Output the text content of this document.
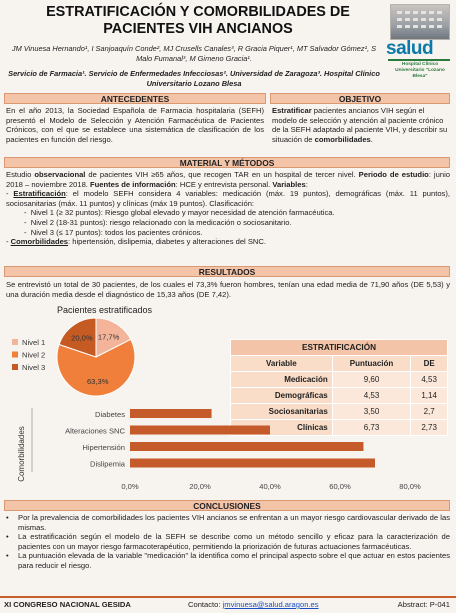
ESTRATIFICACIÓN Y COMORBILIDADES DE PACIENTES VIH ANCIANOS
JM Vinuesa Hernando¹, I Sanjoaquín Conde², MJ Crusells Canales³, R Gracia Piquer¹, MT Salvador Gómez¹, S Malo Fumanal³, M Gimeno Gracia¹.
Servicio de Farmacia¹. Servicio de Enfermedades Infecciosas². Universidad de Zaragoza³. Hospital Clínico Universitario Lozano Blesa
salud
Hospital Clínico Universitario "Lozano Blesa"
ANTECEDENTES	OBJETIVO
En el año 2013, la Sociedad Española de Farmacia hospitalaria (SEFH) presentó el Modelo de Selección y Atención Farmacéutica de Pacientes Crónicos, con el que se establece una sistemática de clasificación de los pacientes en función del riesgo.
Estratificar pacientes ancianos VIH según el modelo de selección y atención al paciente crónico de la SEFH adaptado al paciente VIH, y describir su situación de comorbilidades.
MATERIAL Y MÉTODOS
Estudio observacional de pacientes VIH ≥65 años, que recogen TAR en un hospital de tercer nivel. Periodo de estudio: junio 2018 – noviembre 2018. Fuentes de información: HCE y entrevista personal. Variables:
- Estratificación: el modelo SEFH considera 4 variables: medicación (máx. 19 puntos), demográficas (máx. 11 puntos), sociosanitarias (máx. 11 puntos) y clínicas (máx 19 puntos). Clasificación:
-  Nivel 1 (≥ 32 puntos): Riesgo global elevado y mayor necesidad de atención farmacéutica.
-  Nivel 2 (18-31 puntos): riesgo relacionado con la medicación o sociosanitario.
-  Nivel 3 (≤ 17 puntos): todos los pacientes crónicos.
- Comorbilidades: hipertensión, dislipemia, diabetes y alteraciones del SNC.
RESULTADOS
Se entrevistó un total de 30 pacientes, de los cuales el 73,3% fueron hombres, tenían una edad media de 71,90 años (DE 5,53) y una duración media desde el diagnóstico de 15,33 años (DE 7,42).
Pacientes estratificados
Nivel 1
Nivel 2
Nivel 3
17,7%
63,3%
20,0%
ESTRATIFICACIÓN		
Variable	Puntuación	DE
Medicación	9,60	4,53
Demográficas	4,53	1,14
Sociosanitarias	3,50	2,7
Clínicas	6,73	2,73
Comorbilidades
Diabetes
Alteraciones SNC
Hipertensión
Dislipemia
0,0%	20,0%	40,0%	60,0%	80,0%
CONCLUSIONES
•	Por la prevalencia de comorbilidades los pacientes VIH ancianos se enfrentan a un mayor riesgo cardiovascular derivado de las mismas.
•	La estratificación según el modelo de la SEFH se describe como un método sencillo y eficaz para la caracterización de pacientes con un mayor riesgo farmacoterapéutico, permitiendo la priorización de futuras actuaciones farmacéuticas.
•	La puntuación elevada de la variable "medicación" la identifica como el principal aspecto sobre el que actuar en estos pacientes para reducir el riesgo.
XI CONGRESO NACIONAL GESIDA	Contacto: jmvinuesa@salud.aragon.es	Abstract: P-041
